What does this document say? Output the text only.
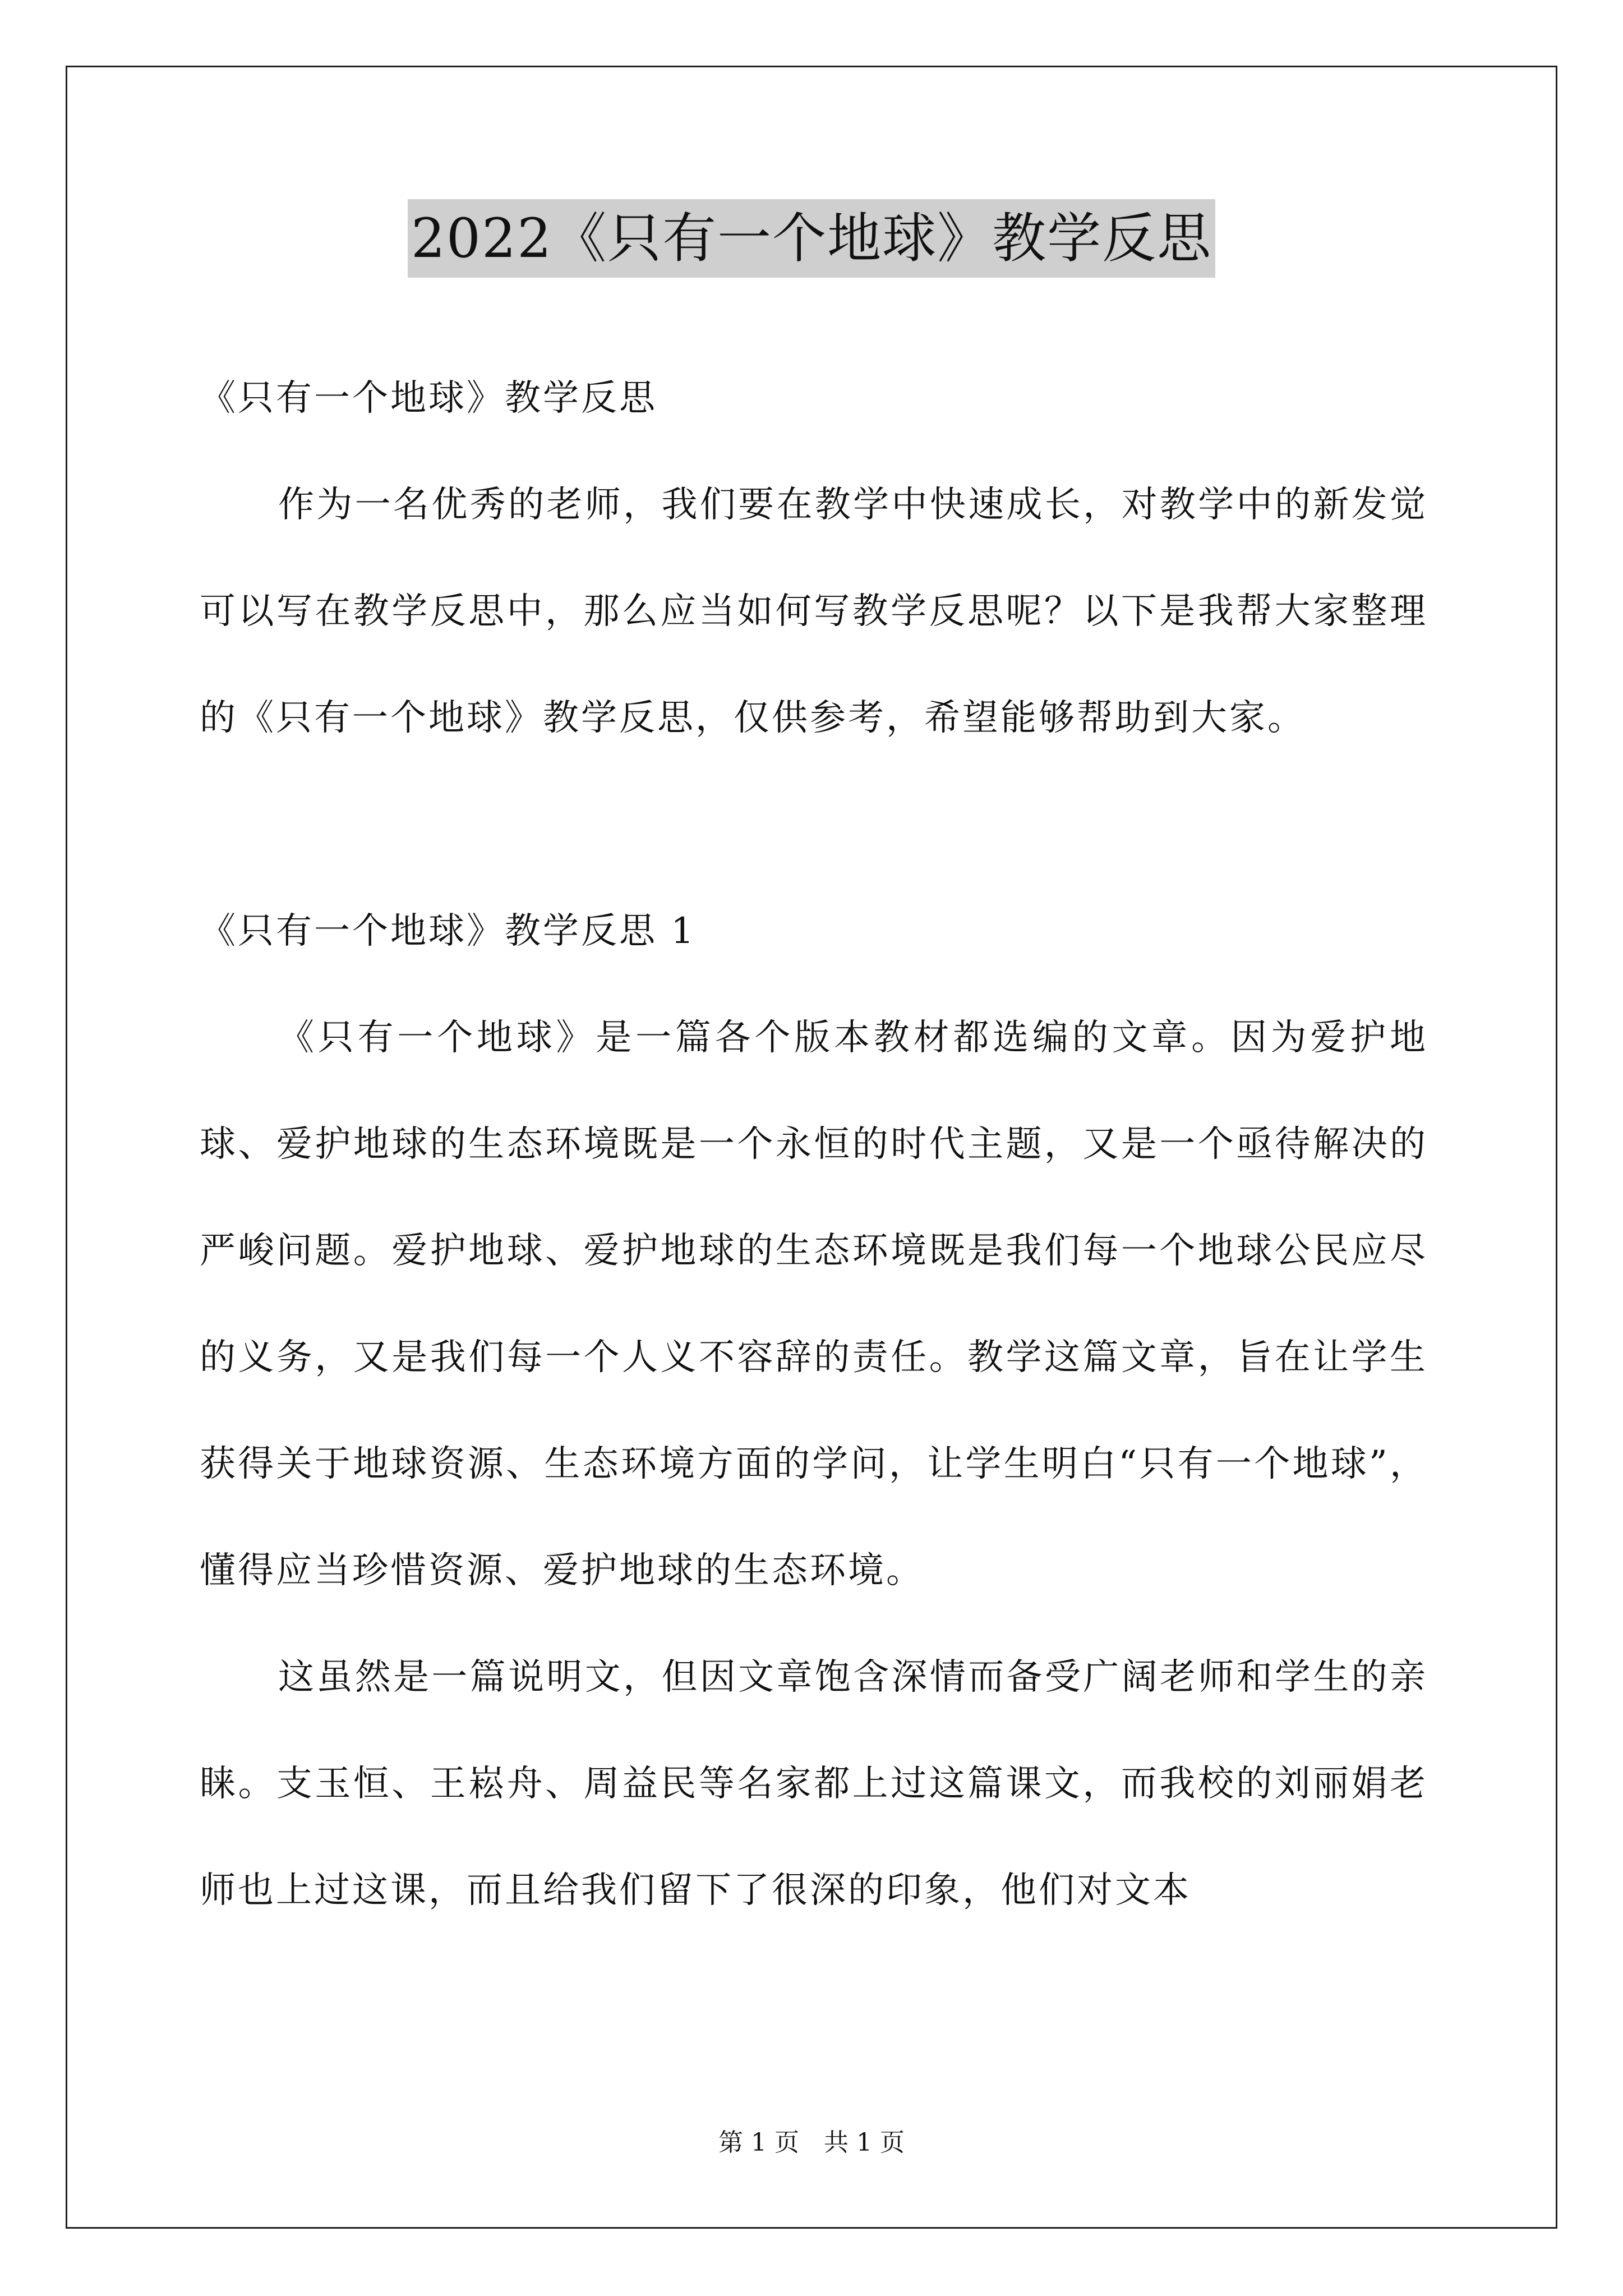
2022《只有一个地球》教学反思

《只有一个地球》教学反思

作为一名优秀的老师，我们要在教学中快速成长，对教学中的新发觉可以写在教学反思中，那么应当如何写教学反思呢？以下是我帮大家整理的《只有一个地球》教学反思，仅供参考，希望能够帮助到大家。

《只有一个地球》教学反思 1

《只有一个地球》是一篇各个版本教材都选编的文章。因为爱护地球、爱护地球的生态环境既是一个永恒的时代主题，又是一个亟待解决的严峻问题。爱护地球、爱护地球的生态环境既是我们每一个地球公民应尽的义务，又是我们每一个人义不容辞的责任。教学这篇文章，旨在让学生获得关于地球资源、生态环境方面的学问，让学生明白“只有一个地球”，懂得应当珍惜资源、爱护地球的生态环境。

这虽然是一篇说明文，但因文章饱含深情而备受广阔老师和学生的亲睐。支玉恒、王崧舟、周益民等名家都上过这篇课文，而我校的刘丽娟老师也上过这课，而且给我们留下了很深的印象，他们对文本

第 1 页　共 1 页
